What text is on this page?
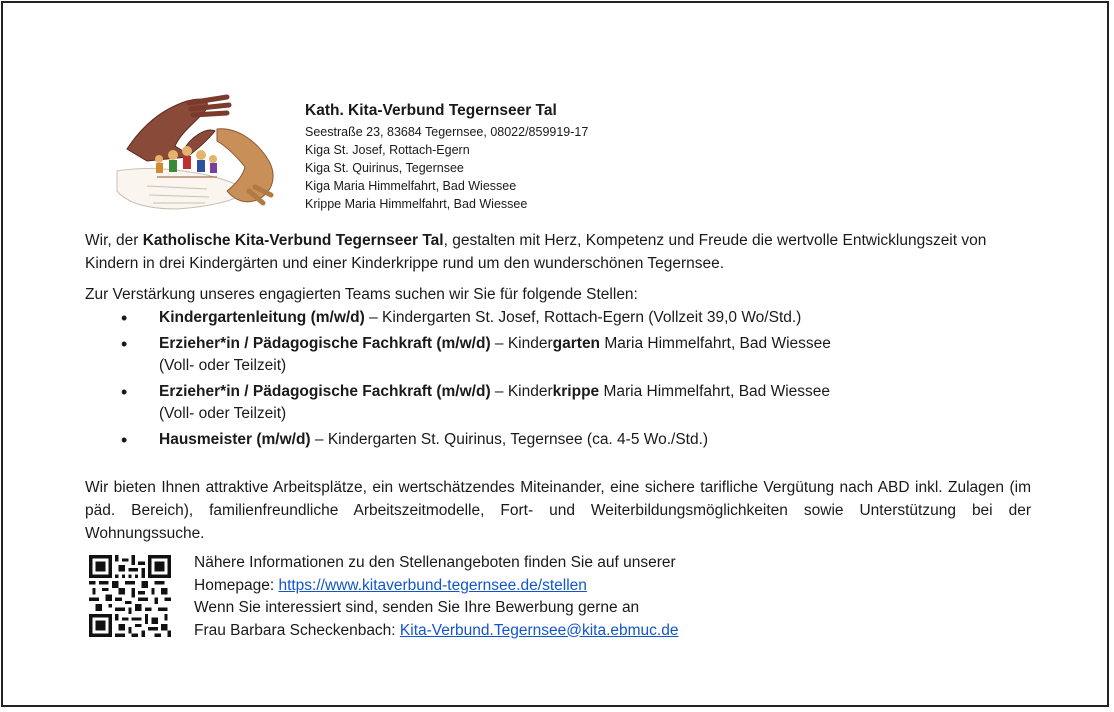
Kath. Kita-Verbund Tegernseer Tal
Seestraße 23, 83684 Tegernsee, 08022/859919-17
Kiga St. Josef, Rottach-Egern
Kiga St. Quirinus, Tegernsee
Kiga Maria Himmelfahrt, Bad Wiessee
Krippe Maria Himmelfahrt, Bad Wiessee
Wir, der Katholische Kita-Verbund Tegernseer Tal, gestalten mit Herz, Kompetenz und Freude die wertvolle Entwicklungszeit von Kindern in drei Kindergärten und einer Kinderkrippe rund um den wunderschönen Tegernsee.
Zur Verstärkung unseres engagierten Teams suchen wir Sie für folgende Stellen:
• Kindergartenleitung (m/w/d) – Kindergarten St. Josef, Rottach-Egern (Vollzeit 39,0 Wo/Std.)
• Erzieher*in / Pädagogische Fachkraft (m/w/d) – Kindergarten Maria Himmelfahrt, Bad Wiessee
(Voll- oder Teilzeit)
• Erzieher*in / Pädagogische Fachkraft (m/w/d) – Kinderkrippe Maria Himmelfahrt, Bad Wiessee
(Voll- oder Teilzeit)
• Hausmeister (m/w/d) – Kindergarten St. Quirinus, Tegernsee (ca. 4-5 Wo./Std.)
Wir bieten Ihnen attraktive Arbeitsplätze, ein wertschätzendes Miteinander, eine sichere tarifliche Vergütung nach ABD inkl. Zulagen (im päd. Bereich), familienfreundliche Arbeitszeitmodelle, Fort- und Weiterbildungsmöglichkeiten sowie Unterstützung bei der Wohnungssuche.
Nähere Informationen zu den Stellenangeboten finden Sie auf unserer
Homepage: https://www.kitaverbund-tegernsee.de/stellen
Wenn Sie interessiert sind, senden Sie Ihre Bewerbung gerne an
Frau Barbara Scheckenbach: Kita-Verbund.Tegernsee@kita.ebmuc.de
